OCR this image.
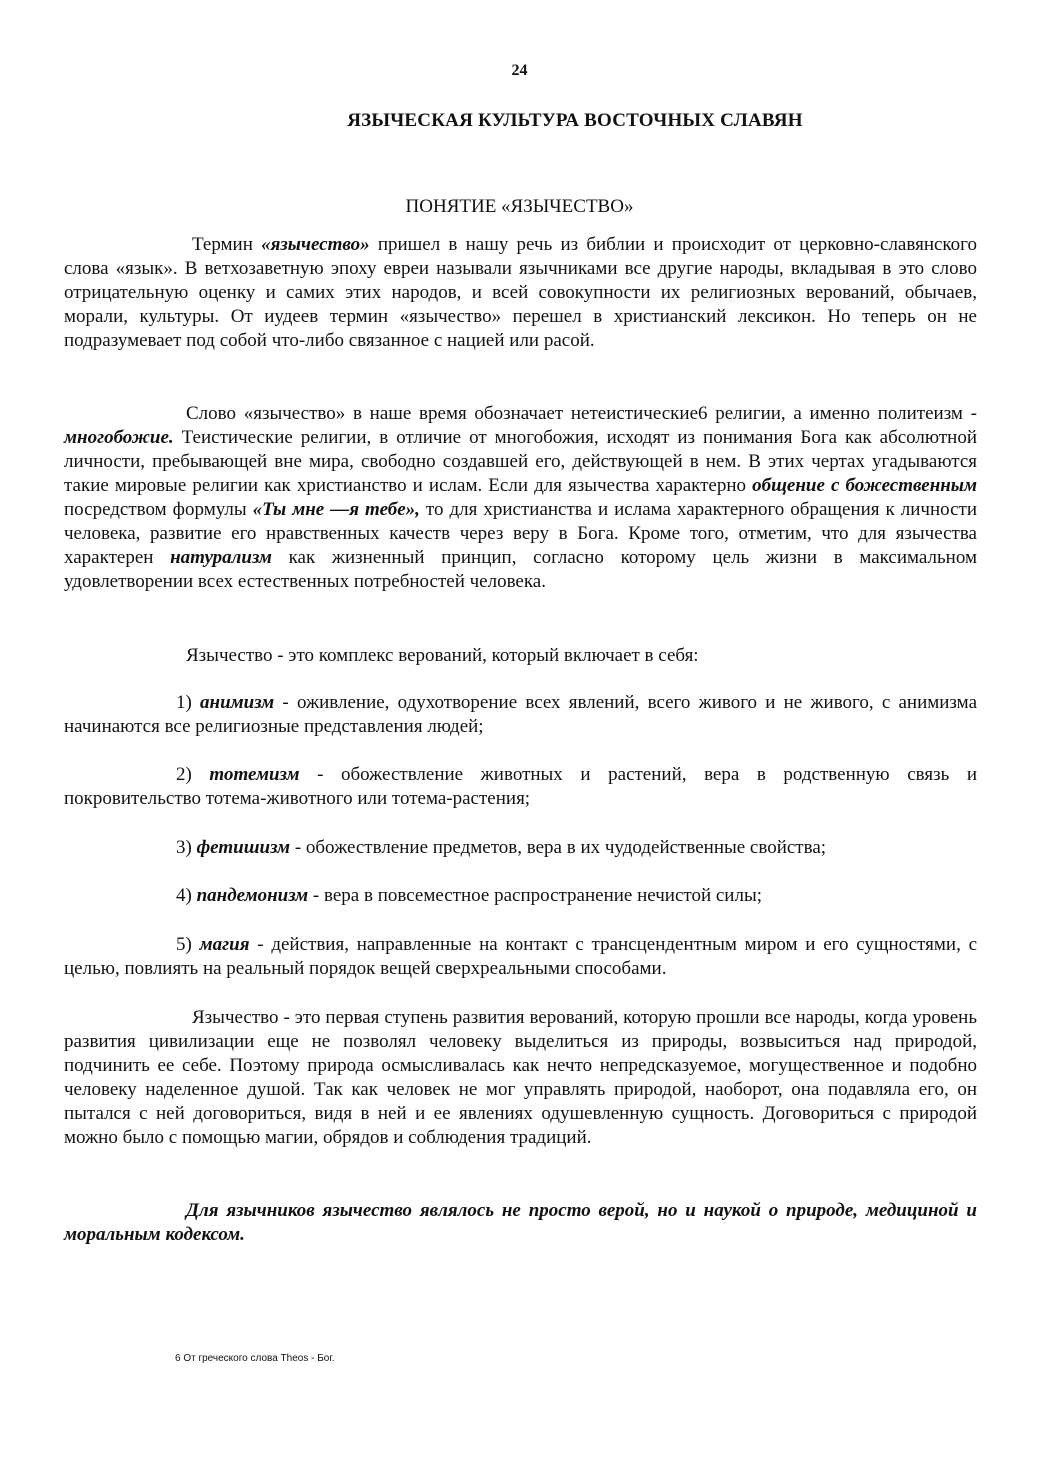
24
ЯЗЫЧЕСКАЯ КУЛЬТУРА ВОСТОЧНЫХ СЛАВЯН
ПОНЯТИЕ «ЯЗЫЧЕСТВО»

Термин «язычество» пришел в нашу речь из библии и происходит от церковно-славянского слова «язык». В ветхозаветную эпоху евреи называли язычниками все другие народы, вкладывая в это слово отрицательную оценку и самих этих народов, и всей совокупности их религиозных верований, обычаев, морали, культуры. От иудеев термин «язычество» перешел в христианский лексикон. Но теперь он не подразумевает под собой что-либо связанное с нацией или расой.

Слово «язычество» в наше время обозначает нетеистические6 религии, а именно политеизм - многобожие. Теистические религии, в отличие от многобожия, исходят из понимания Бога как абсолютной личности, пребывающей вне мира, свободно создавшей его, действующей в нем. В этих чертах угадываются такие мировые религии как христианство и ислам. Если для язычества характерно общение с божественным посредством формулы «Ты мне —я тебе», то для христианства и ислама характерного обращения к личности человека, развитие его нравственных качеств через веру в Бога. Кроме того, отметим, что для язычества характерен натурализм как жизненный принцип, согласно которому цель жизни в максимальном удовлетворении всех естественных потребностей человека.

Язычество - это комплекс верований, который включает в себя:

1) анимизм - оживление, одухотворение всех явлений, всего живого и не живого, с анимизма начинаются все религиозные представления людей;

2) тотемизм - обожествление животных и растений, вера в родственную связь и покровительство тотема-животного или тотема-растения;

3) фетишизм - обожествление предметов, вера в их чудодейственные свойства;

4) пандемонизм - вера в повсеместное распространение нечистой силы;

5) магия - действия, направленные на контакт с трансцендентным миром и его сущностями, с целью, повлиять на реальный порядок вещей сверхреальными способами.

Язычество - это первая ступень развития верований, которую прошли все народы, когда уровень развития цивилизации еще не позволял человеку выделиться из природы, возвыситься над природой, подчинить ее себе. Поэтому природа осмысливалась как нечто непредсказуемое, могущественное и подобно человеку наделенное душой. Так как человек не мог управлять природой, наоборот, она подавляла его, он пытался с ней договориться, видя в ней и ее явлениях одушевленную сущность. Договориться с природой можно было с помощью магии, обрядов и соблюдения традиций.

Для язычников язычество являлось не просто верой, но и наукой о природе, медициной и моральным кодексом.

6 От греческого слова Theos - Бог.
